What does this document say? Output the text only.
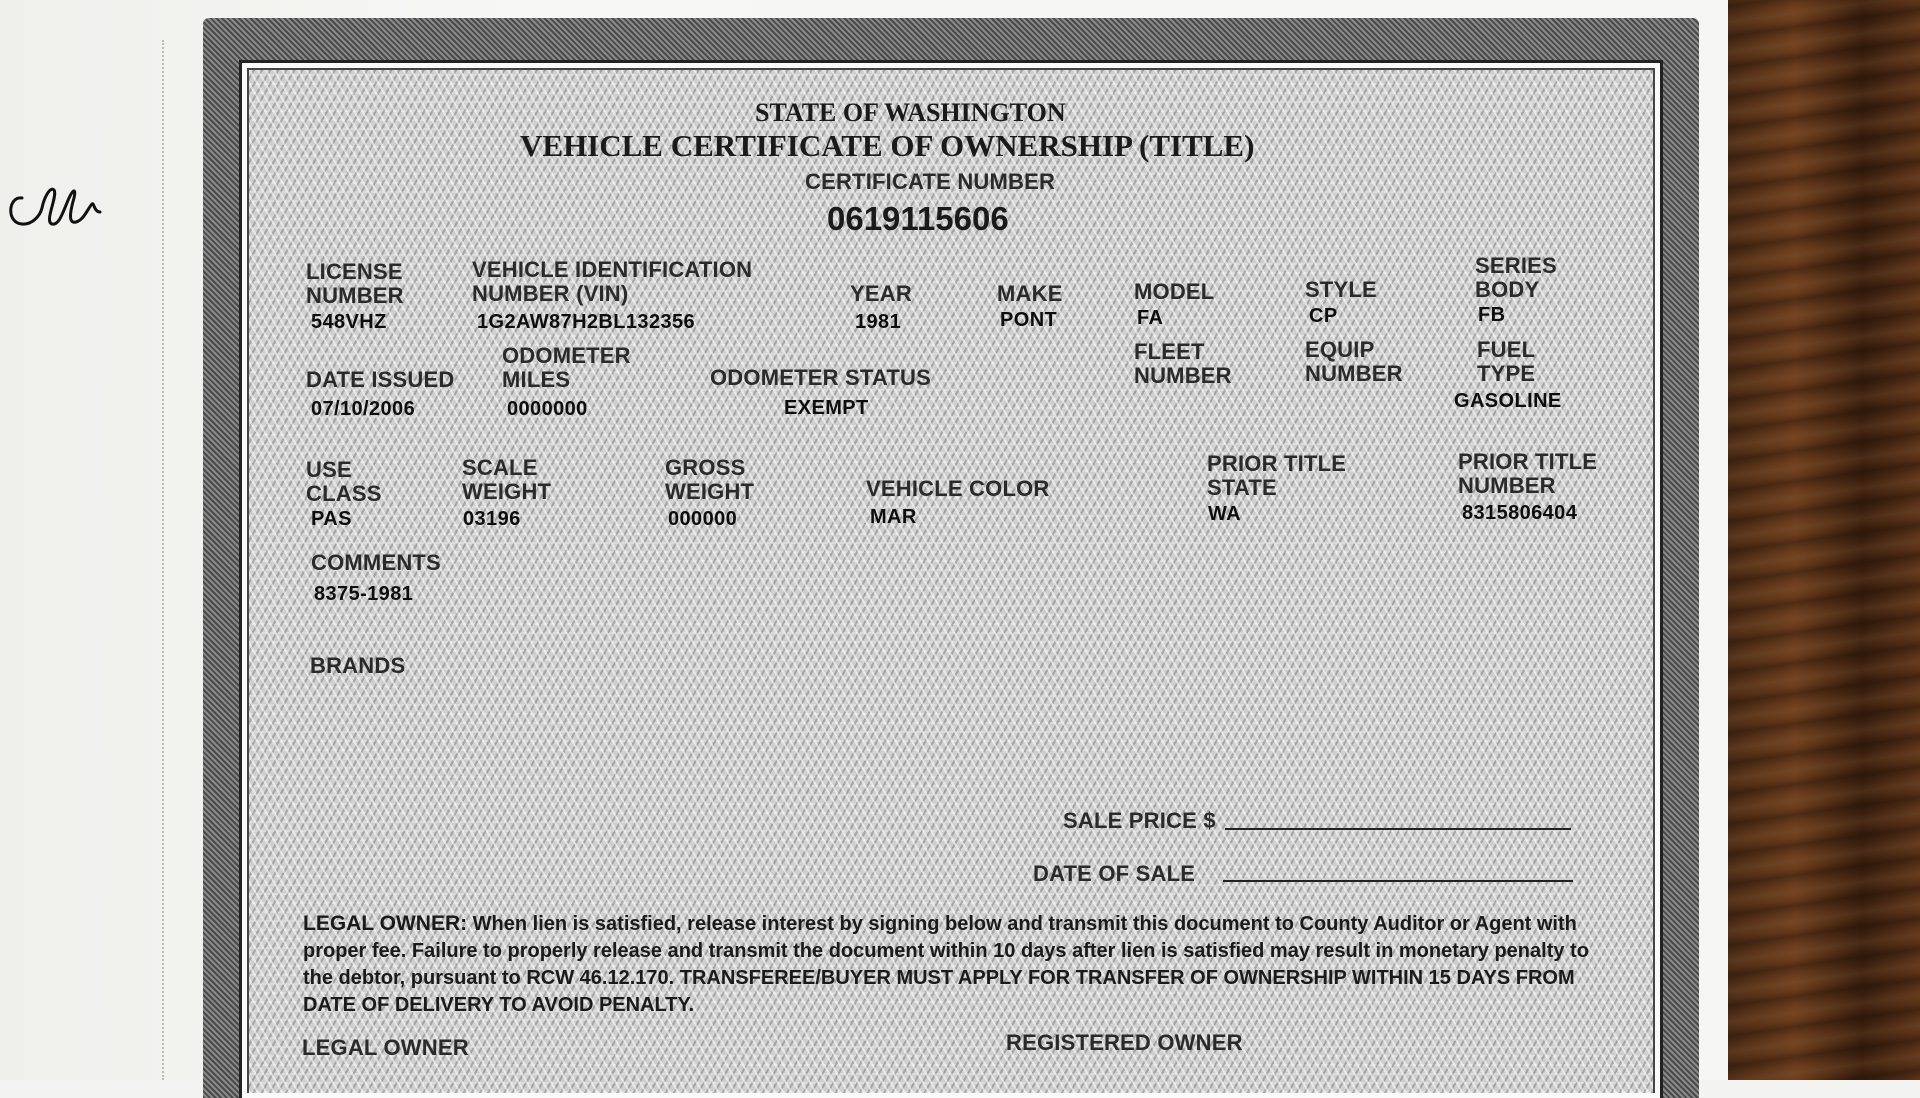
STATE OF WASHINGTON
VEHICLE CERTIFICATE OF OWNERSHIP (TITLE)
CERTIFICATE NUMBER
0619115606
LICENSE
NUMBER
548VHZ
VEHICLE IDENTIFICATION
NUMBER (VIN)
1G2AW87H2BL132356
YEAR
1981
MAKE
PONT
MODEL
FA
STYLE
CP
SERIES
BODY
FB
DATE ISSUED
07/10/2006
ODOMETER
MILES
0000000
ODOMETER STATUS
EXEMPT
FLEET
NUMBER
EQUIP
NUMBER
FUEL
TYPE
GASOLINE
USE
CLASS
PAS
SCALE
WEIGHT
03196
GROSS
WEIGHT
000000
VEHICLE COLOR
MAR
PRIOR TITLE
STATE
WA
PRIOR TITLE
NUMBER
8315806404
COMMENTS
8375-1981
BRANDS
SALE PRICE $
DATE OF SALE
LEGAL OWNER: When lien is satisfied, release interest by signing below and transmit this document to County Auditor or Agent with proper fee. Failure to properly release and transmit the document within 10 days after lien is satisfied may result in monetary penalty to the debtor, pursuant to RCW 46.12.170. TRANSFEREE/BUYER MUST APPLY FOR TRANSFER OF OWNERSHIP WITHIN 15 DAYS FROM DATE OF DELIVERY TO AVOID PENALTY.
LEGAL OWNER	REGISTERED OWNER
